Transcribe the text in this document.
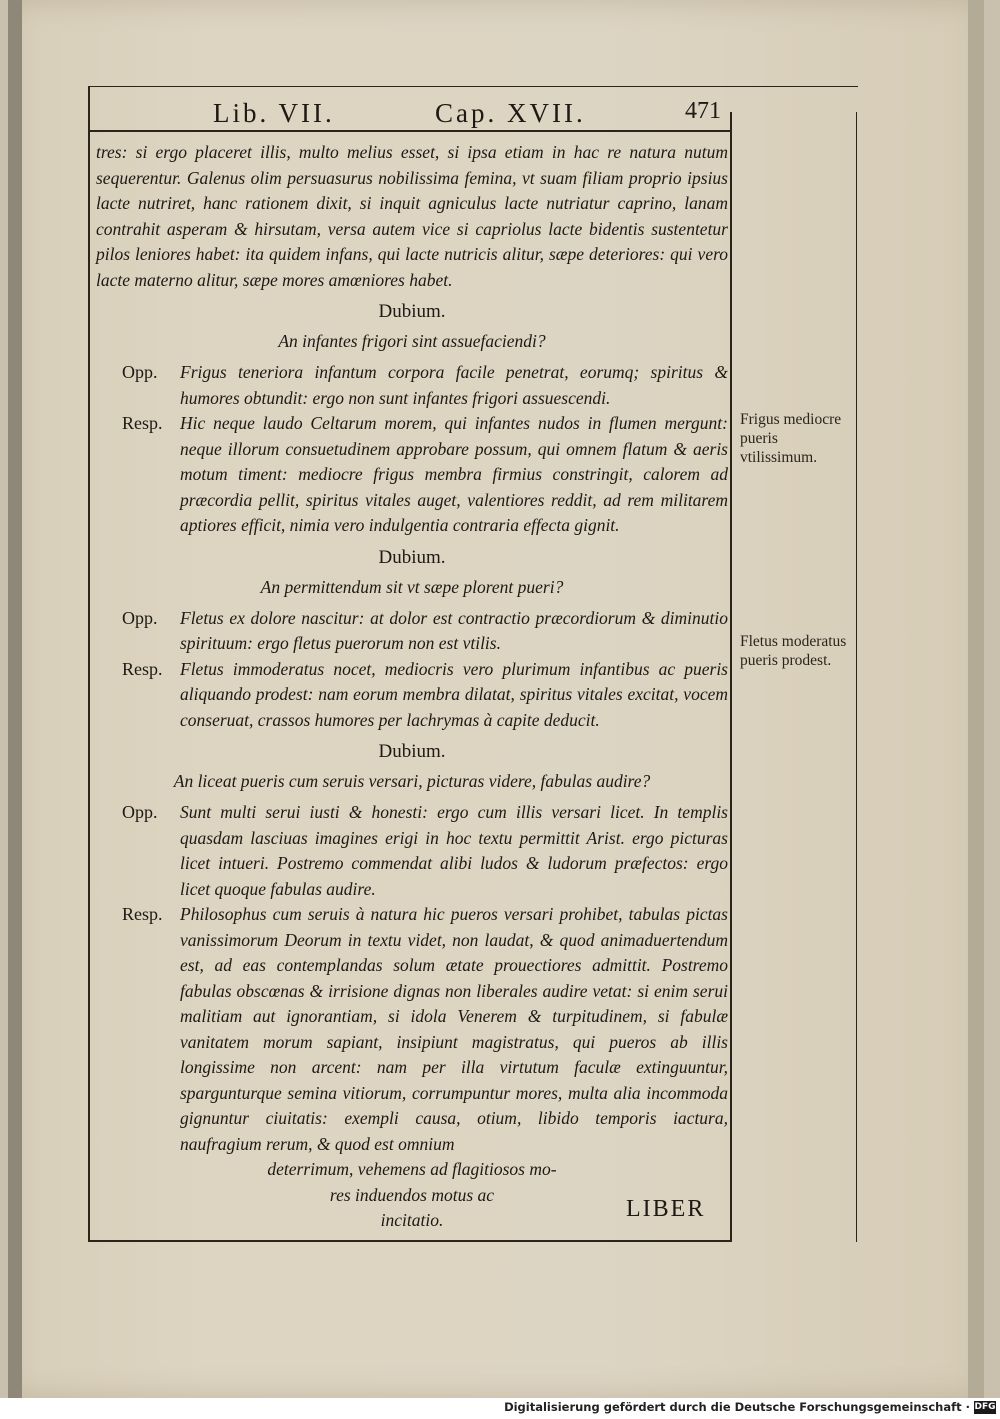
Lib. VII.	Cap. XVII.	471

tres: si ergo placeret illis, multo melius esset, si ipsa etiam in hac re natura nutum sequerentur. Galenus olim persuasurus nobilissima femina, vt suam filiam proprio ipsius lacte nutriret, hanc rationem dixit, si inquit agniculus lacte nutriatur caprino, lanam contrahit asperam & hirsutam, versa autem vice si capriolus lacte bidentis sustentetur pilos leniores habet: ita quidem infans, qui lacte nutricis alitur, sæpe deteriores: qui vero lacte materno alitur, sæpe mores amœniores habet.

Dubium.
An infantes frigori sint assuefaciendi?
Opp.	Frigus teneriora infantum corpora facile penetrat, eorumq; spiritus & humores obtundit: ergo non sunt infantes frigori assuescendi.
Resp.	Hic neque laudo Celtarum morem, qui infantes nudos in flumen mergunt: neque illorum consuetudinem approbare possum, qui omnem flatum & aeris motum timent: mediocre frigus membra firmius constringit, calorem ad præcordia pellit, spiritus vitales auget, valentiores reddit, ad rem militarem aptiores efficit, nimia vero indulgentia contraria effecta gignit.
Dubium.
An permittendum sit vt sæpe plorent pueri?
Opp.	Fletus ex dolore nascitur: at dolor est contractio præcordiorum & diminutio spirituum: ergo fletus puerorum non est vtilis.
Resp.	Fletus immoderatus nocet, mediocris vero plurimum infantibus ac pueris aliquando prodest: nam eorum membra dilatat, spiritus vitales excitat, vocem conseruat, crassos humores per lachrymas à capite deducit.
Dubium.
An liceat pueris cum seruis versari, picturas videre, fabulas audire?
Opp.	Sunt multi serui iusti & honesti: ergo cum illis versari licet. In templis quasdam lasciuas imagines erigi in hoc textu permittit Arist. ergo picturas licet intueri. Postremo commendat alibi ludos & ludorum præfectos: ergo licet quoque fabulas audire.
Resp.	Philosophus cum seruis à natura hic pueros versari prohibet, tabulas pictas vanissimorum Deorum in textu videt, non laudat, & quod animaduertendum est, ad eas contemplandas solum ætate prouectiores admittit. Postremo fabulas obscœnas & irrisione dignas non liberales audire vetat: si enim serui malitiam aut ignorantiam, si idola Venerem & turpitudinem, si fabulæ vanitatem morum sapiant, insipiunt magistratus, qui pueros ab illis longissime non arcent: nam per illa virtutum faculæ extinguuntur, spargunturque semina vitiorum, corrumpuntur mores, multa alia incommoda gignuntur ciuitatis: exempli causa, otium, libido temporis iactura, naufragium rerum, & quod est omnium

deterrimum, vehemens ad flagitiosos mo-

res induendos motus ac

incitatio.	LIBER
Frigus mediocre pueris vtilissimum.
Fletus moderatus pueris prodest.
Digitalisierung gefördert durch die Deutsche Forschungsgemeinschaft · DFG
